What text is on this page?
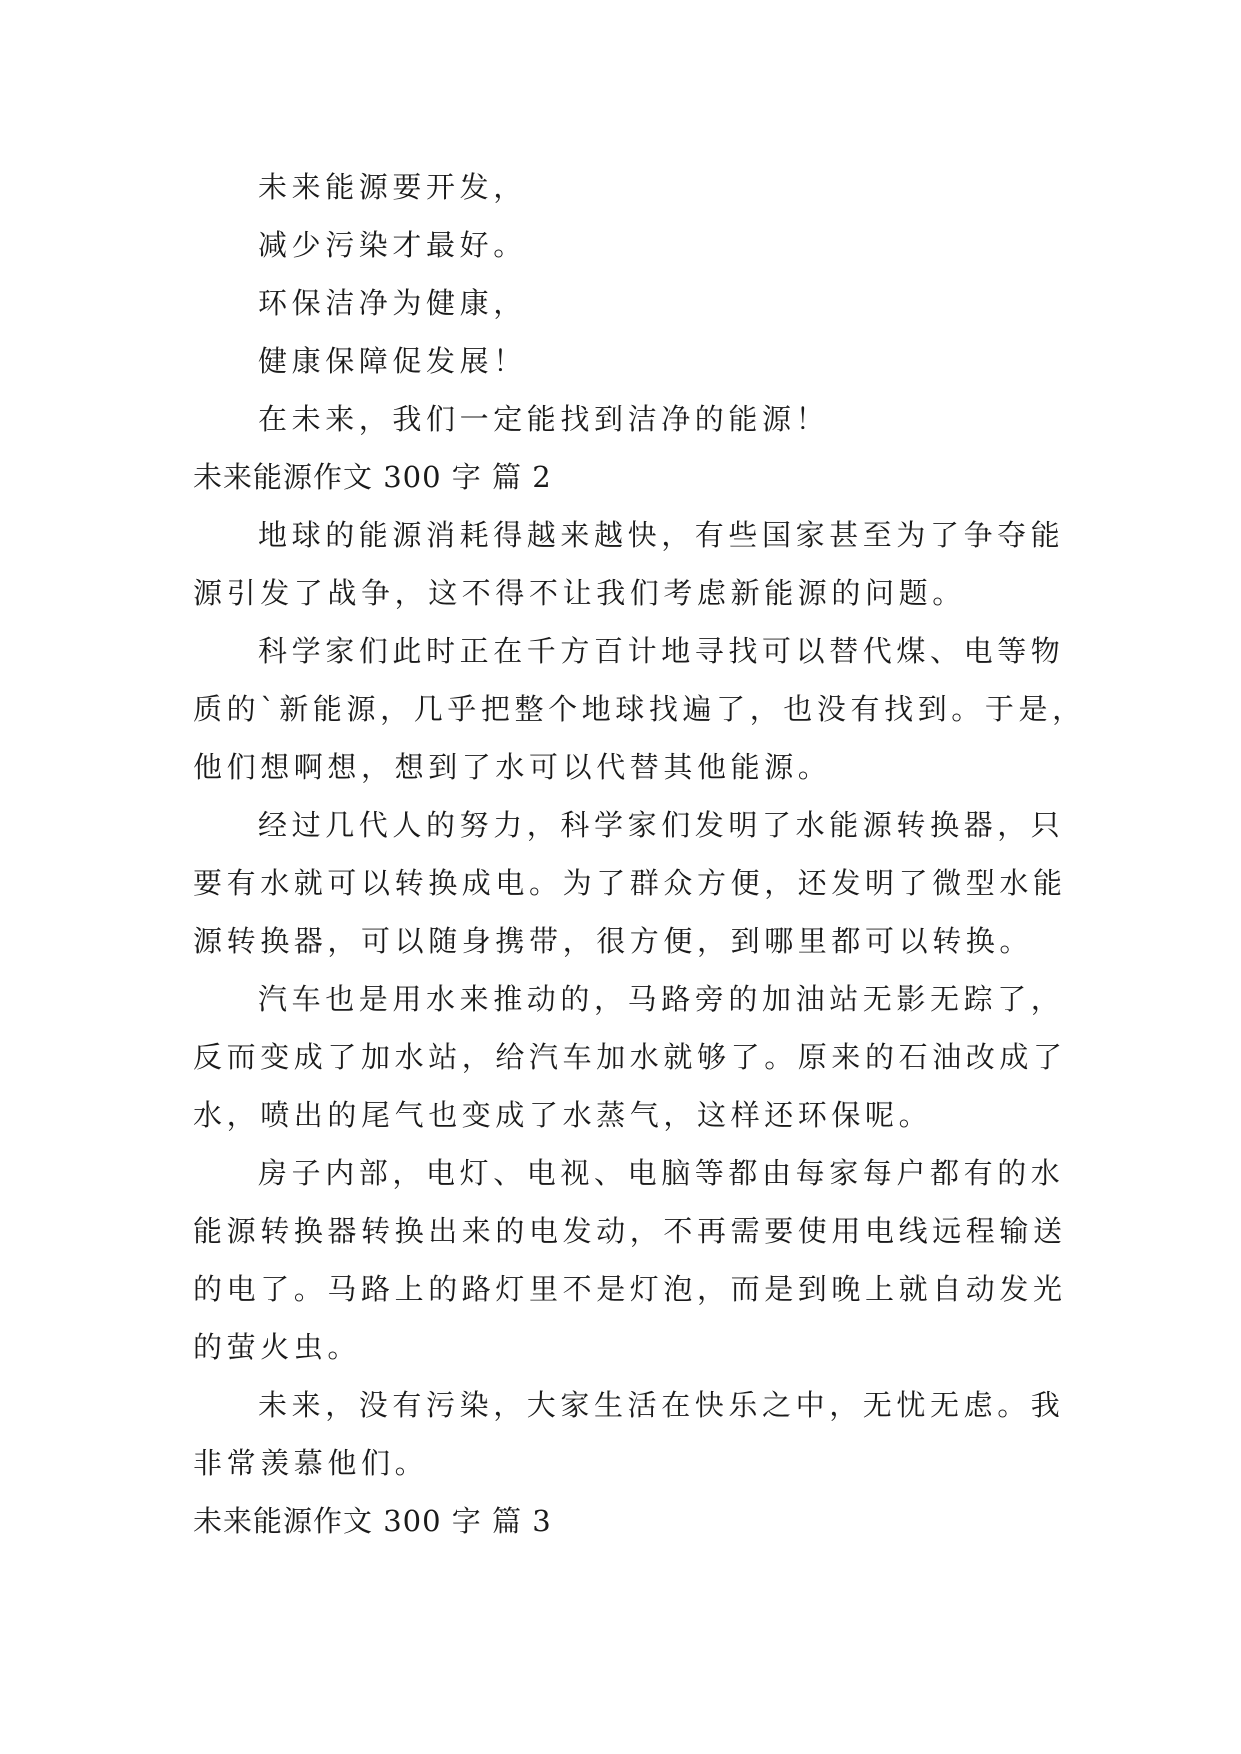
未来能源要开发，
减少污染才最好。
环保洁净为健康，
健康保障促发展！
在未来，我们一定能找到洁净的能源！
未来能源作文 300 字 篇 2
地球的能源消耗得越来越快，有些国家甚至为了争夺能
源引发了战争，这不得不让我们考虑新能源的问题。
科学家们此时正在千方百计地寻找可以替代煤、电等物
质的`新能源，几乎把整个地球找遍了，也没有找到。于是，
他们想啊想，想到了水可以代替其他能源。
经过几代人的努力，科学家们发明了水能源转换器，只
要有水就可以转换成电。为了群众方便，还发明了微型水能
源转换器，可以随身携带，很方便，到哪里都可以转换。
汽车也是用水来推动的，马路旁的加油站无影无踪了，
反而变成了加水站，给汽车加水就够了。原来的石油改成了
水，喷出的尾气也变成了水蒸气，这样还环保呢。
房子内部，电灯、电视、电脑等都由每家每户都有的水
能源转换器转换出来的电发动，不再需要使用电线远程输送
的电了。马路上的路灯里不是灯泡，而是到晚上就自动发光
的萤火虫。
未来，没有污染，大家生活在快乐之中，无忧无虑。我
非常羡慕他们。
未来能源作文 300 字 篇 3
